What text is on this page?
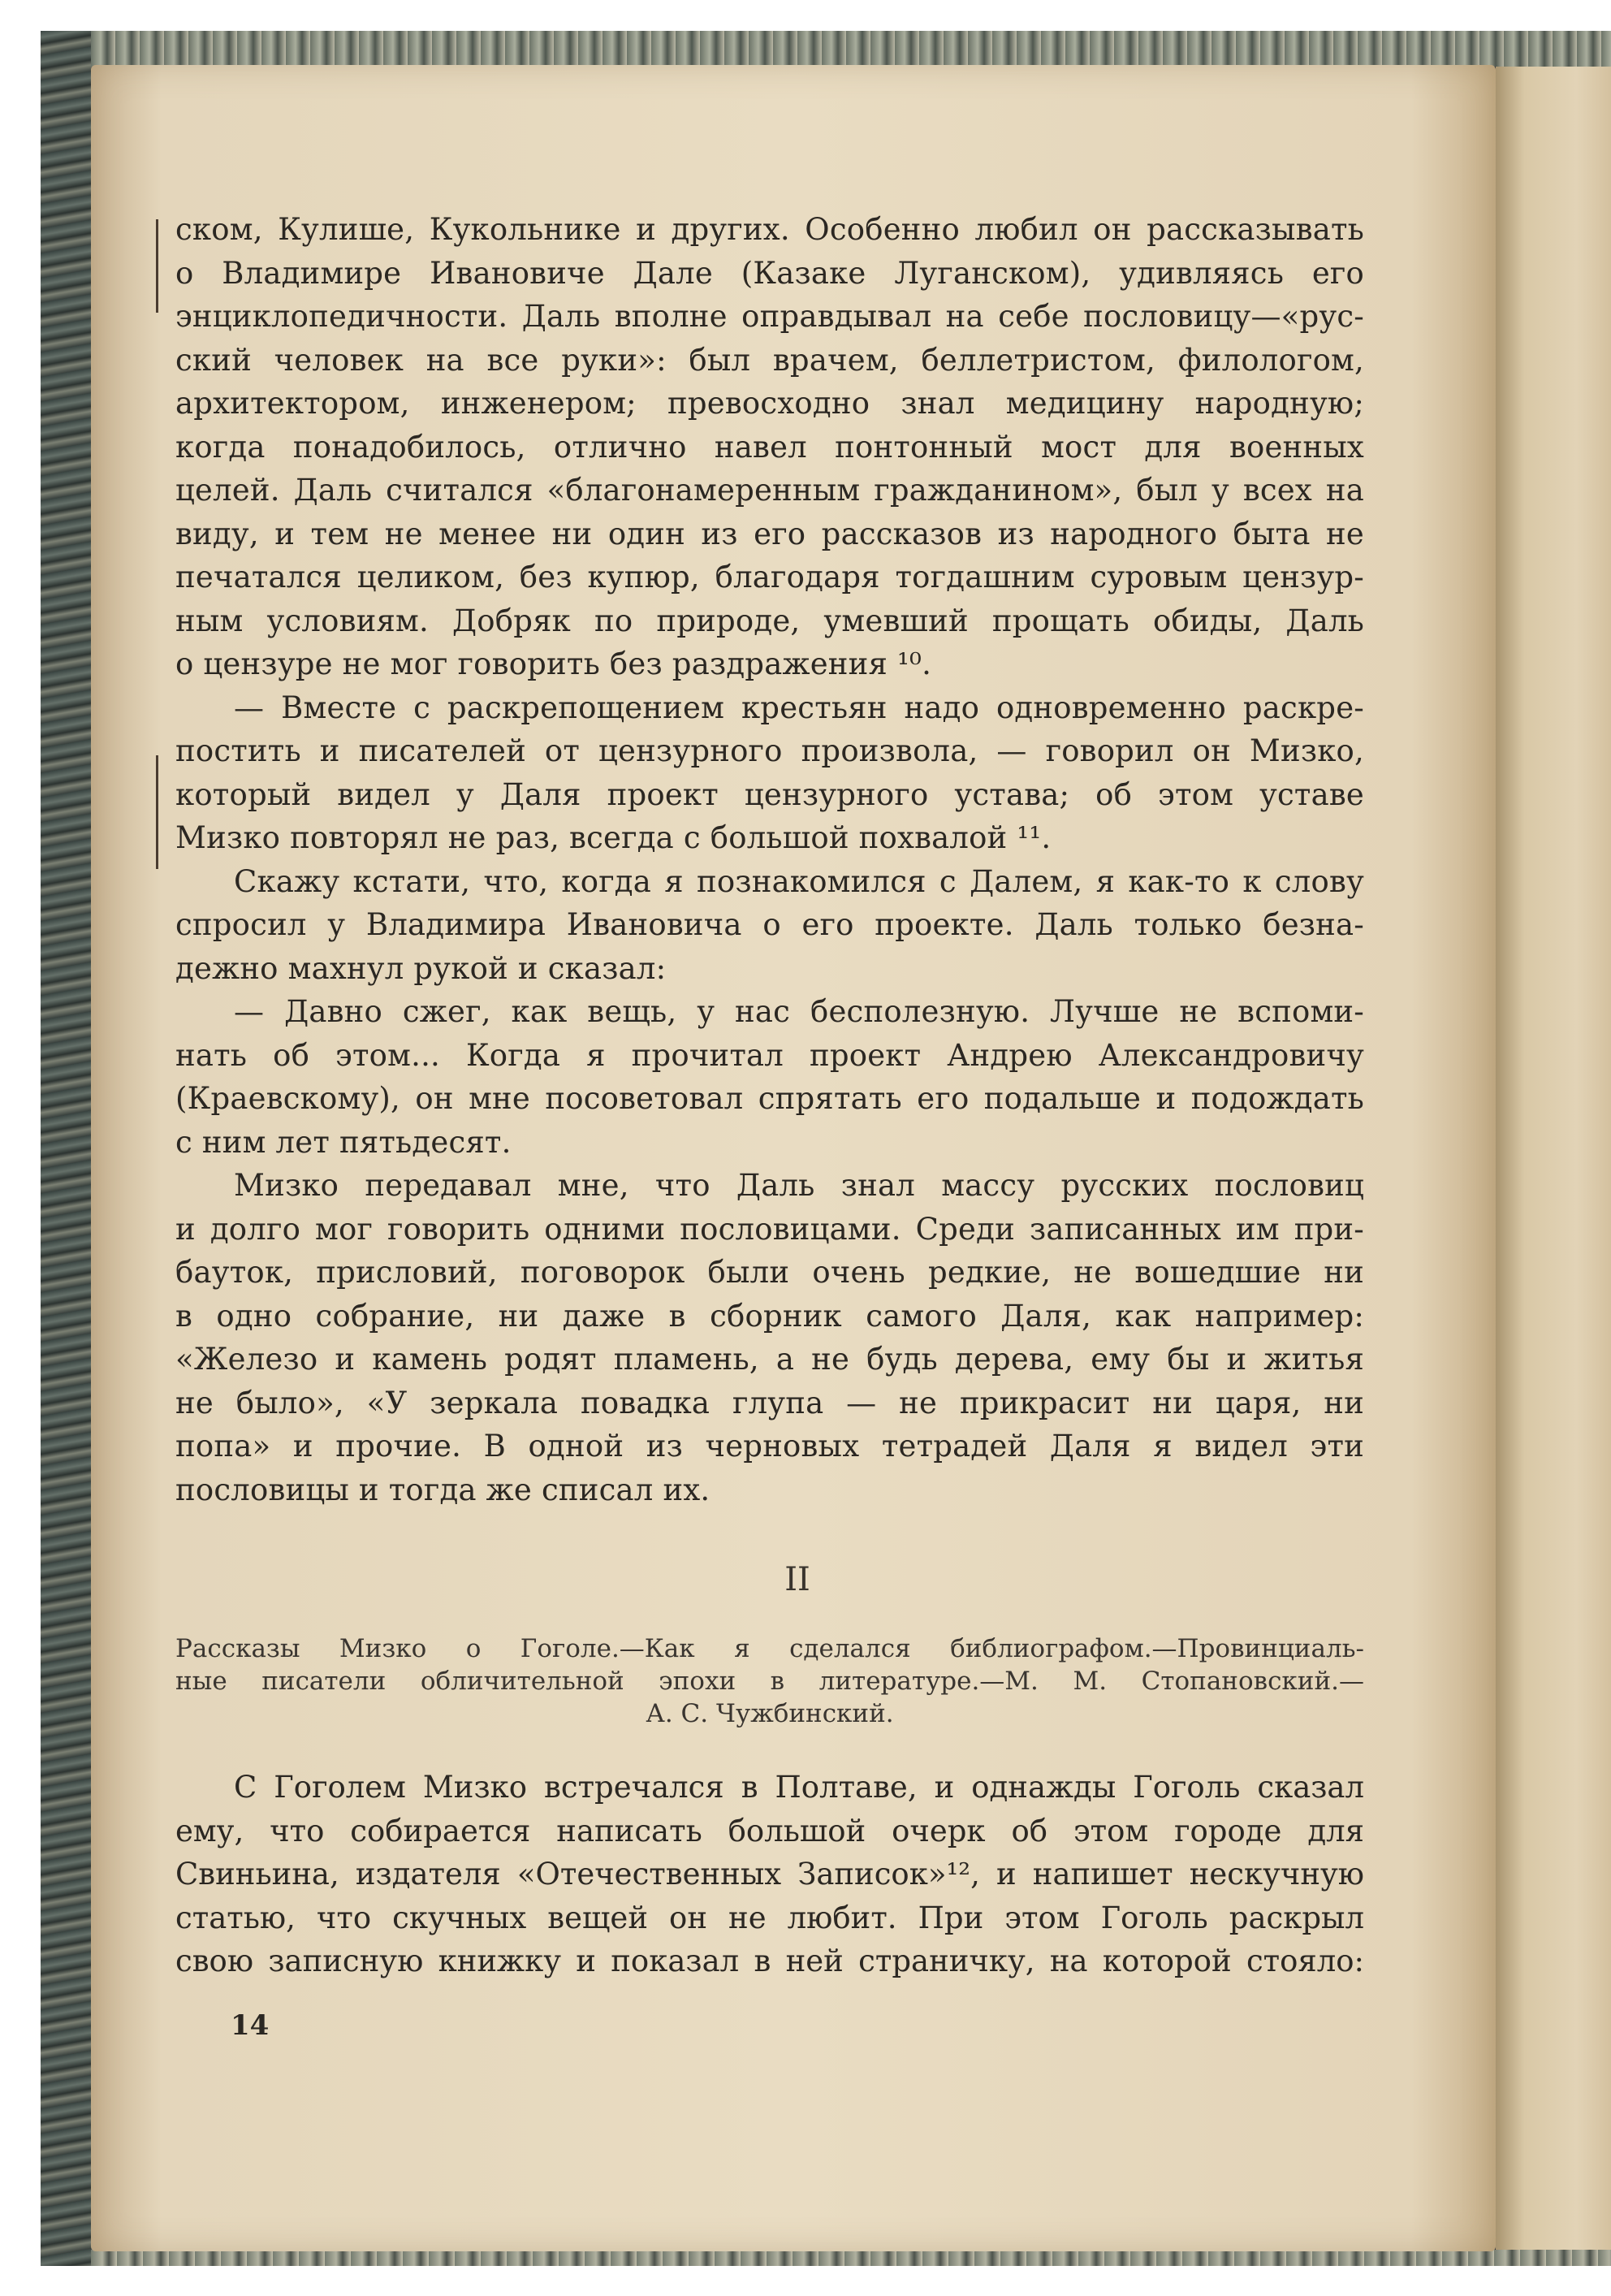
ском, Кулише, Кукольнике и других. Особенно любил он рассказывать
о Владимире Ивановиче Дале (Казаке Луганском), удивляясь его
энциклопедичности. Даль вполне оправдывал на себе пословицу—«рус-
ский человек на все руки»: был врачем, беллетристом, филологом,
архитектором, инженером; превосходно знал медицину народную;
когда понадобилось, отлично навел понтонный мост для военных
целей. Даль считался «благонамеренным гражданином», был у всех на
виду, и тем не менее ни один из его рассказов из народного быта не
печатался целиком, без купюр, благодаря тогдашним суровым цензур-
ным условиям. Добряк по природе, умевший прощать обиды, Даль
о цензуре не мог говорить без раздражения ¹⁰.
— Вместе с раскрепощением крестьян надо одновременно раскре-
постить и писателей от цензурного произвола, — говорил он Мизко,
который видел у Даля проект цензурного устава; об этом уставе
Мизко повторял не раз, всегда с большой похвалой ¹¹.
Скажу кстати, что, когда я познакомился с Далем, я как-то к слову
спросил у Владимира Ивановича о его проекте. Даль только безна-
дежно махнул рукой и сказал:
— Давно сжег, как вещь, у нас бесполезную. Лучше не вспоми-
нать об этом... Когда я прочитал проект Андрею Александровичу
(Краевскому), он мне посоветовал спрятать его подальше и подождать
с ним лет пятьдесят.
Мизко передавал мне, что Даль знал массу русских пословиц
и долго мог говорить одними пословицами. Среди записанных им при-
бауток, присловий, поговорок были очень редкие, не вошедшие ни
в одно собрание, ни даже в сборник самого Даля, как например:
«Железо и камень родят пламень, а не будь дерева, ему бы и житья
не было», «У зеркала повадка глупа — не прикрасит ни царя, ни
попа» и прочие. В одной из черновых тетрадей Даля я видел эти
пословицы и тогда же списал их.
II
Рассказы Мизко о Гоголе.—Как я сделался библиографом.—Провинциаль-
ные писатели обличительной эпохи в литературе.—М. М. Стопановский.—
А. С. Чужбинский.
С Гоголем Мизко встречался в Полтаве, и однажды Гоголь сказал
ему, что собирается написать большой очерк об этом городе для
Свиньина, издателя «Отечественных Записок»¹², и напишет нескучную
статью, что скучных вещей он не любит. При этом Гоголь раскрыл
свою записную книжку и показал в ней страничку, на которой стояло:
14
